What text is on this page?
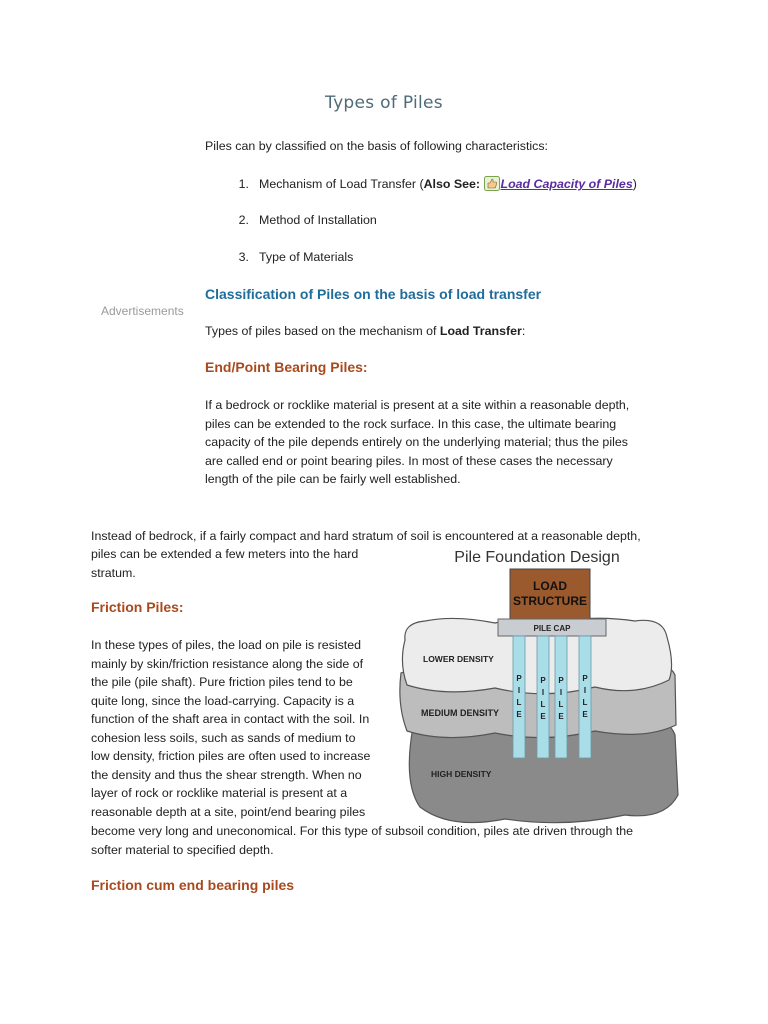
Types of Piles
Piles can by classified on the basis of following characteristics:
1. Mechanism of Load Transfer (Also See: Load Capacity of Piles)
2. Method of Installation
3. Type of Materials
Classification of Piles on the basis of load transfer
Advertisements
Types of piles based on the mechanism of Load Transfer:
End/Point Bearing Piles:
If a bedrock or rocklike material is present at a site within a reasonable depth,
piles can be extended to the rock surface. In this case, the ultimate bearing
capacity of the pile depends entirely on the underlying material; thus the piles
are called end or point bearing piles. In most of these cases the necessary
length of the pile can be fairly well established.
Instead of bedrock, if a fairly compact and hard stratum of soil is encountered at a reasonable depth,
piles can be extended a few meters into the hard
stratum.
Friction Piles:
In these types of piles, the load on pile is resisted
mainly by skin/friction resistance along the side of
the pile (pile shaft). Pure friction piles tend to be
quite long, since the load-carrying. Capacity is a
function of the shaft area in contact with the soil. In
cohesion less soils, such as sands of medium to
low density, friction piles are often used to increase
the density and thus the shear strength. When no
layer of rock or rocklike material is present at a
reasonable depth at a site, point/end bearing piles
become very long and uneconomical. For this type of subsoil condition, piles ate driven through the
softer material to specified depth.
Friction cum end bearing piles
Pile Foundation Design
LOAD
STRUCTURE
PILE CAP
P
I
L
E
P
I
L
E
P
I
L
E
P
I
L
E
LOWER DENSITY
MEDIUM DENSITY
HIGH DENSITY
